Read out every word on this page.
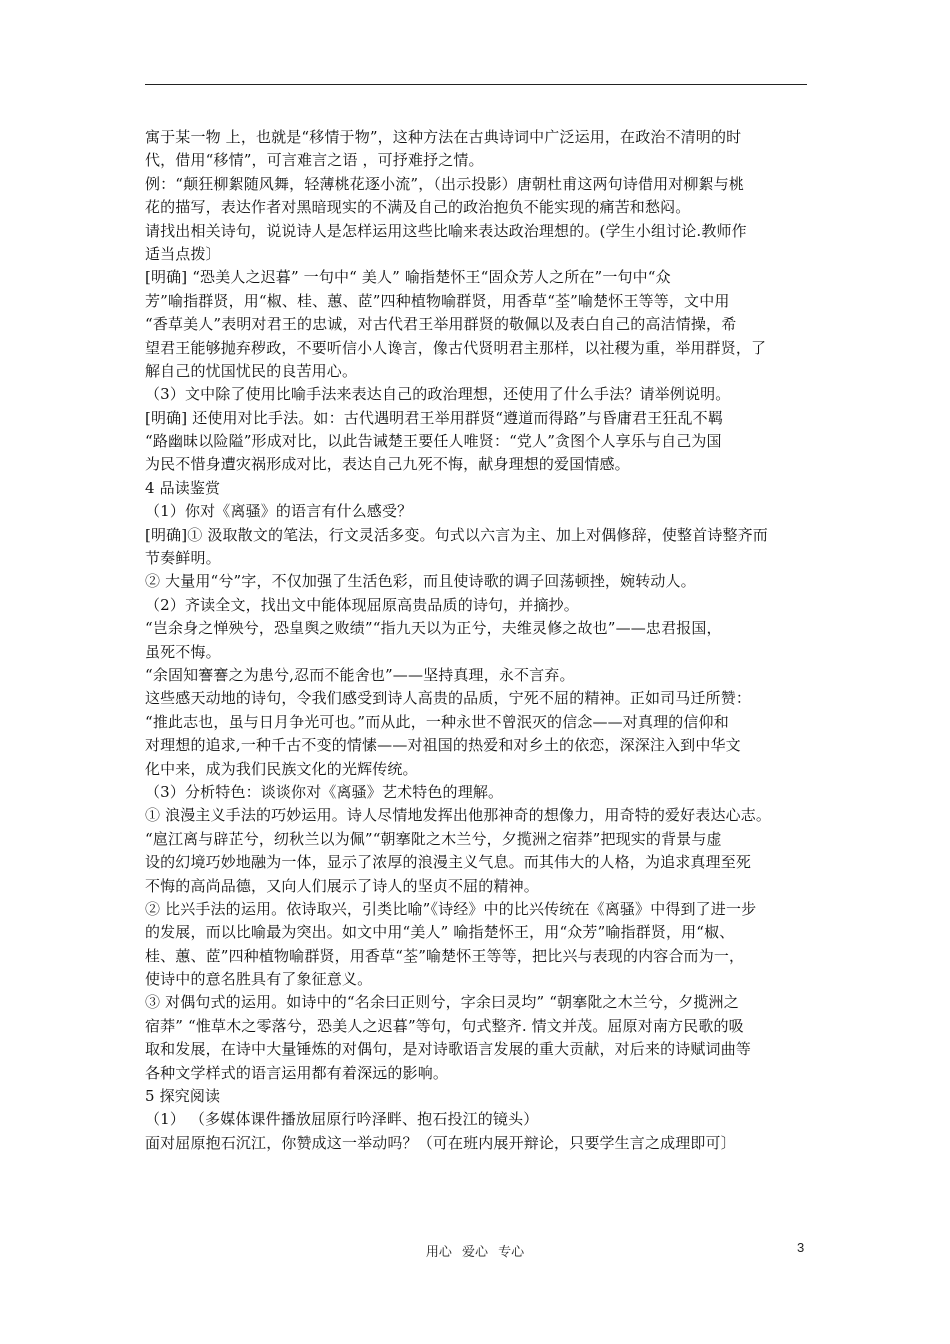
寓于某一物 上，也就是“移情于物”，这种方法在古典诗词中广泛运用，在政治不清明的时
代，借用“移情”，可言难言之语 ，可抒难抒之情。
例：“颠狂柳絮随风舞，轻薄桃花逐小流”，（出示投影）唐朝杜甫这两句诗借用对柳絮与桃
花的描写，表达作者对黑暗现实的不满及自己的政治抱负不能实现的痛苦和愁闷。
请找出相关诗句，说说诗人是怎样运用这些比喻来表达政治理想的。(学生小组讨论.教师作
适当点拨〕
[明确] “恐美人之迟暮” 一句中“ 美人” 喻指楚怀王“固众芳人之所在”一句中“众
芳”喻指群贤，用“椒、桂、蕙、茝”四种植物喻群贤，用香草“荃”喻楚怀王等等，文中用
“香草美人”表明对君王的忠诚，对古代君王举用群贤的敬佩以及表白自己的高洁情操，希
望君王能够抛弃秽政，不要听信小人谗言，像古代贤明君主那样，以社稷为重，举用群贤，了
解自己的忧国忧民的良苦用心。
（3）文中除了使用比喻手法来表达自己的政治理想，还使用了什么手法？请举例说明。
[明确] 还使用对比手法。如：古代遇明君王举用群贤“遵道而得路”与昏庸君王狂乱不羁
“路幽昧以险隘”形成对比，以此告诫楚王要任人唯贤：“党人”贪图个人享乐与自己为国
为民不惜身遭灾祸形成对比，表达自己九死不悔，献身理想的爱国情感。
4 品读鉴赏
（1）你对《离骚》的语言有什么感受？
[明确]① 汲取散文的笔法，行文灵活多变。句式以六言为主、加上对偶修辞，使整首诗整齐而
节奏鲜明。
② 大量用“兮”字，不仅加强了生活色彩，而且使诗歌的调子回荡顿挫，婉转动人。
（2）齐读全文，找出文中能体现屈原高贵品质的诗句，并摘抄。
“岂余身之惮殃兮，恐皇舆之败绩”“指九天以为正兮，夫维灵修之故也”——忠君报国，
虽死不悔。
“余固知謇謇之为患兮,忍而不能舍也”——坚持真理，永不言弃。
这些感天动地的诗句，令我们感受到诗人高贵的品质，宁死不屈的精神。正如司马迁所赞：
“推此志也，虽与日月争光可也。”而从此，一种永世不曾泯灭的信念——对真理的信仰和
对理想的追求,一种千古不变的情愫——对祖国的热爱和对乡土的依恋，深深注入到中华文
化中来，成为我们民族文化的光辉传统。
（3）分析特色：谈谈你对《离骚》艺术特色的理解。
① 浪漫主义手法的巧妙运用。诗人尽情地发挥出他那神奇的想像力，用奇特的爱好表达心志。
“扈江离与辟芷兮，纫秋兰以为佩”“朝搴阰之木兰兮，夕揽洲之宿莽”把现实的背景与虚
设的幻境巧妙地融为一体，显示了浓厚的浪漫主义气息。而其伟大的人格，为追求真理至死
不悔的高尚品德，又向人们展示了诗人的坚贞不屈的精神。
② 比兴手法的运用。依诗取兴，引类比喻”《诗经》中的比兴传统在《离骚》中得到了进一步
的发展，而以比喻最为突出。如文中用“美人” 喻指楚怀王，用“众芳”喻指群贤，用“椒、
桂、蕙、茝”四种植物喻群贤，用香草“荃”喻楚怀王等等，把比兴与表现的内容合而为一，
使诗中的意名胜具有了象征意义。
③ 对偶句式的运用。如诗中的“名余曰正则兮，字余曰灵均” “朝搴阰之木兰兮，夕揽洲之
宿莽” “惟草木之零落兮，恐美人之迟暮”等句，句式整齐. 情文并茂。屈原对南方民歌的吸
取和发展，在诗中大量锤炼的对偶句，是对诗歌语言发展的重大贡献，对后来的诗赋词曲等
各种文学样式的语言运用都有着深远的影响。
5 探究阅读
（1） （多媒体课件播放屈原行吟泽畔、抱石投江的镜头）
面对屈原抱石沉江，你赞成这一举动吗？（可在班内展开辩论，只要学生言之成理即可〕
用心 爱心 专心	3
